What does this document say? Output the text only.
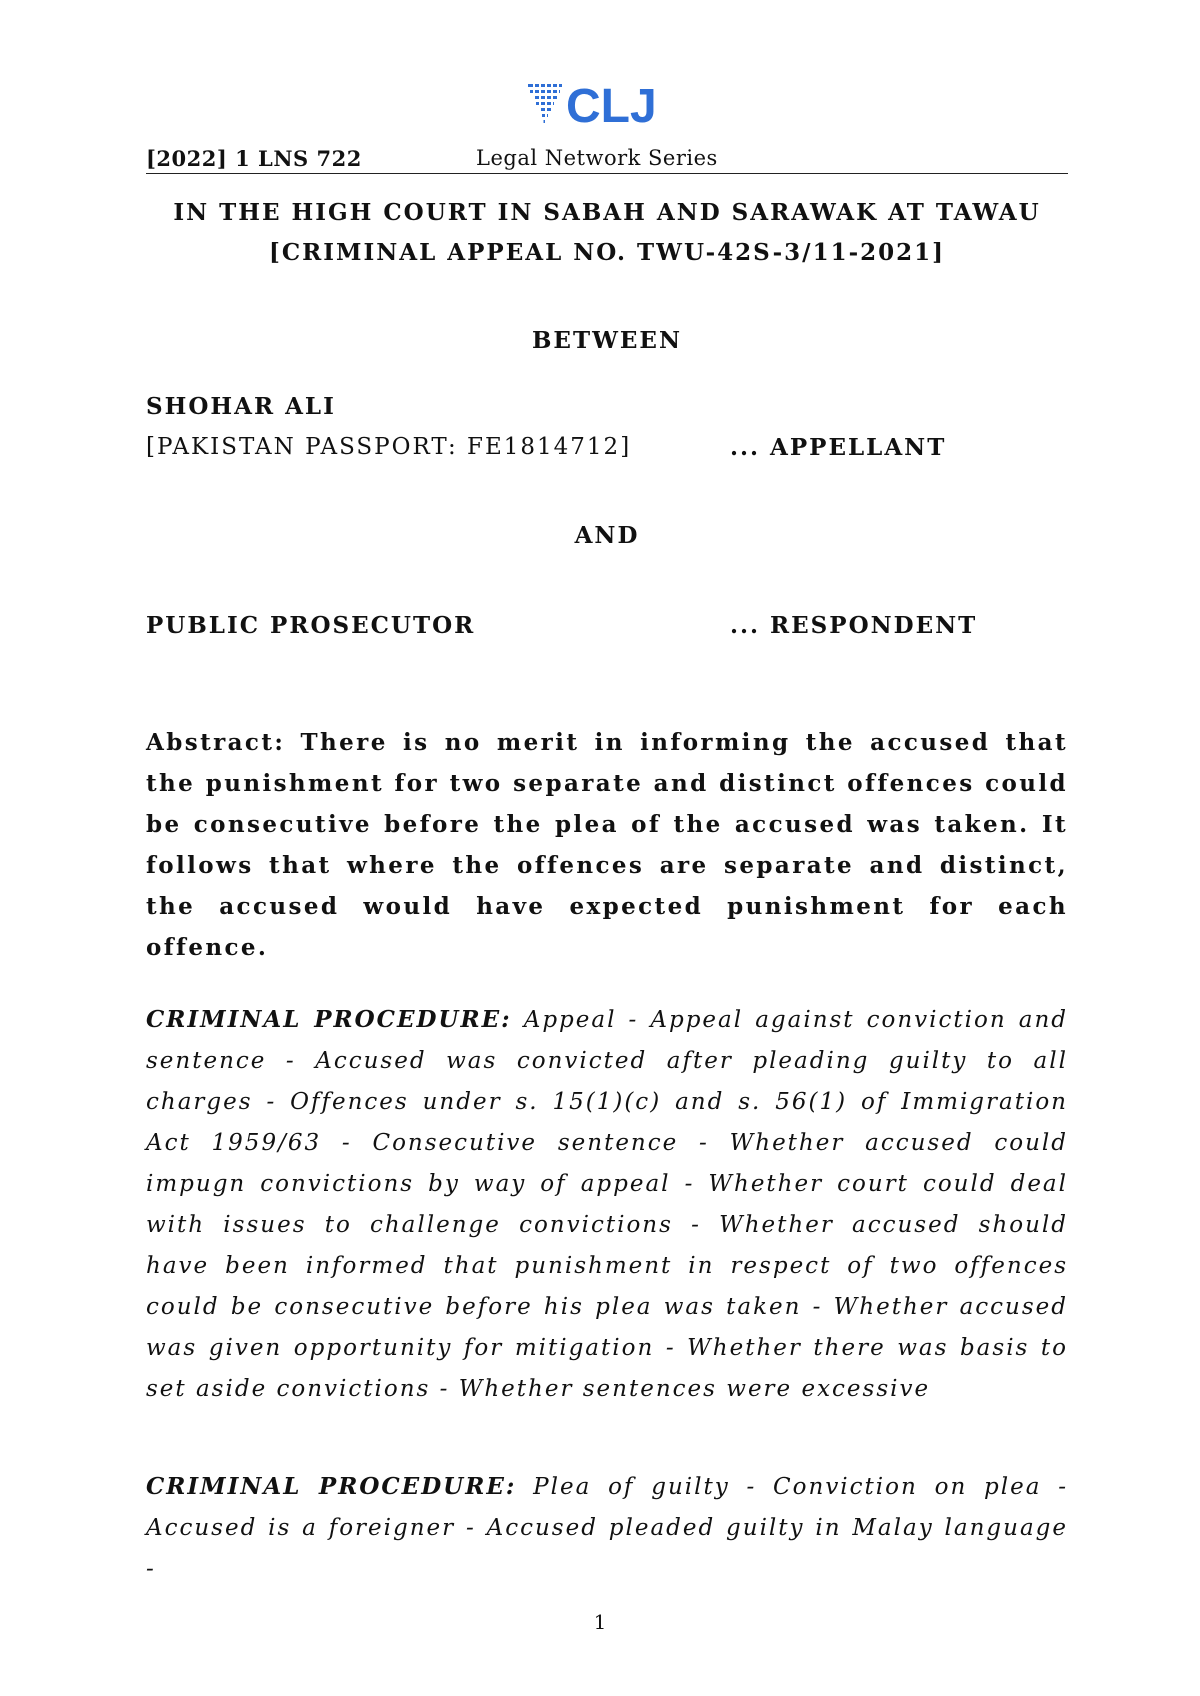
CLJ
[2022] 1 LNS 722	Legal Network Series
IN THE HIGH COURT IN SABAH AND SARAWAK AT TAWAU
[CRIMINAL APPEAL NO. TWU-42S-3/11-2021]
BETWEEN
SHOHAR ALI
[PAKISTAN PASSPORT: FE1814712]	... APPELLANT
AND
PUBLIC PROSECUTOR	... RESPONDENT
Abstract: There is no merit in informing the accused that the punishment for two separate and distinct offences could be consecutive before the plea of the accused was taken. It follows that where the offences are separate and distinct, the accused would have expected punishment for each offence.
CRIMINAL PROCEDURE: Appeal - Appeal against conviction and sentence - Accused was convicted after pleading guilty to all charges - Offences under s. 15(1)(c) and s. 56(1) of Immigration Act 1959/63 - Consecutive sentence - Whether accused could impugn convictions by way of appeal - Whether court could deal with issues to challenge convictions - Whether accused should have been informed that punishment in respect of two offences could be consecutive before his plea was taken - Whether accused was given opportunity for mitigation - Whether there was basis to set aside convictions - Whether sentences were excessive
CRIMINAL PROCEDURE: Plea of guilty - Conviction on plea - Accused is a foreigner - Accused pleaded guilty in Malay language -
1
